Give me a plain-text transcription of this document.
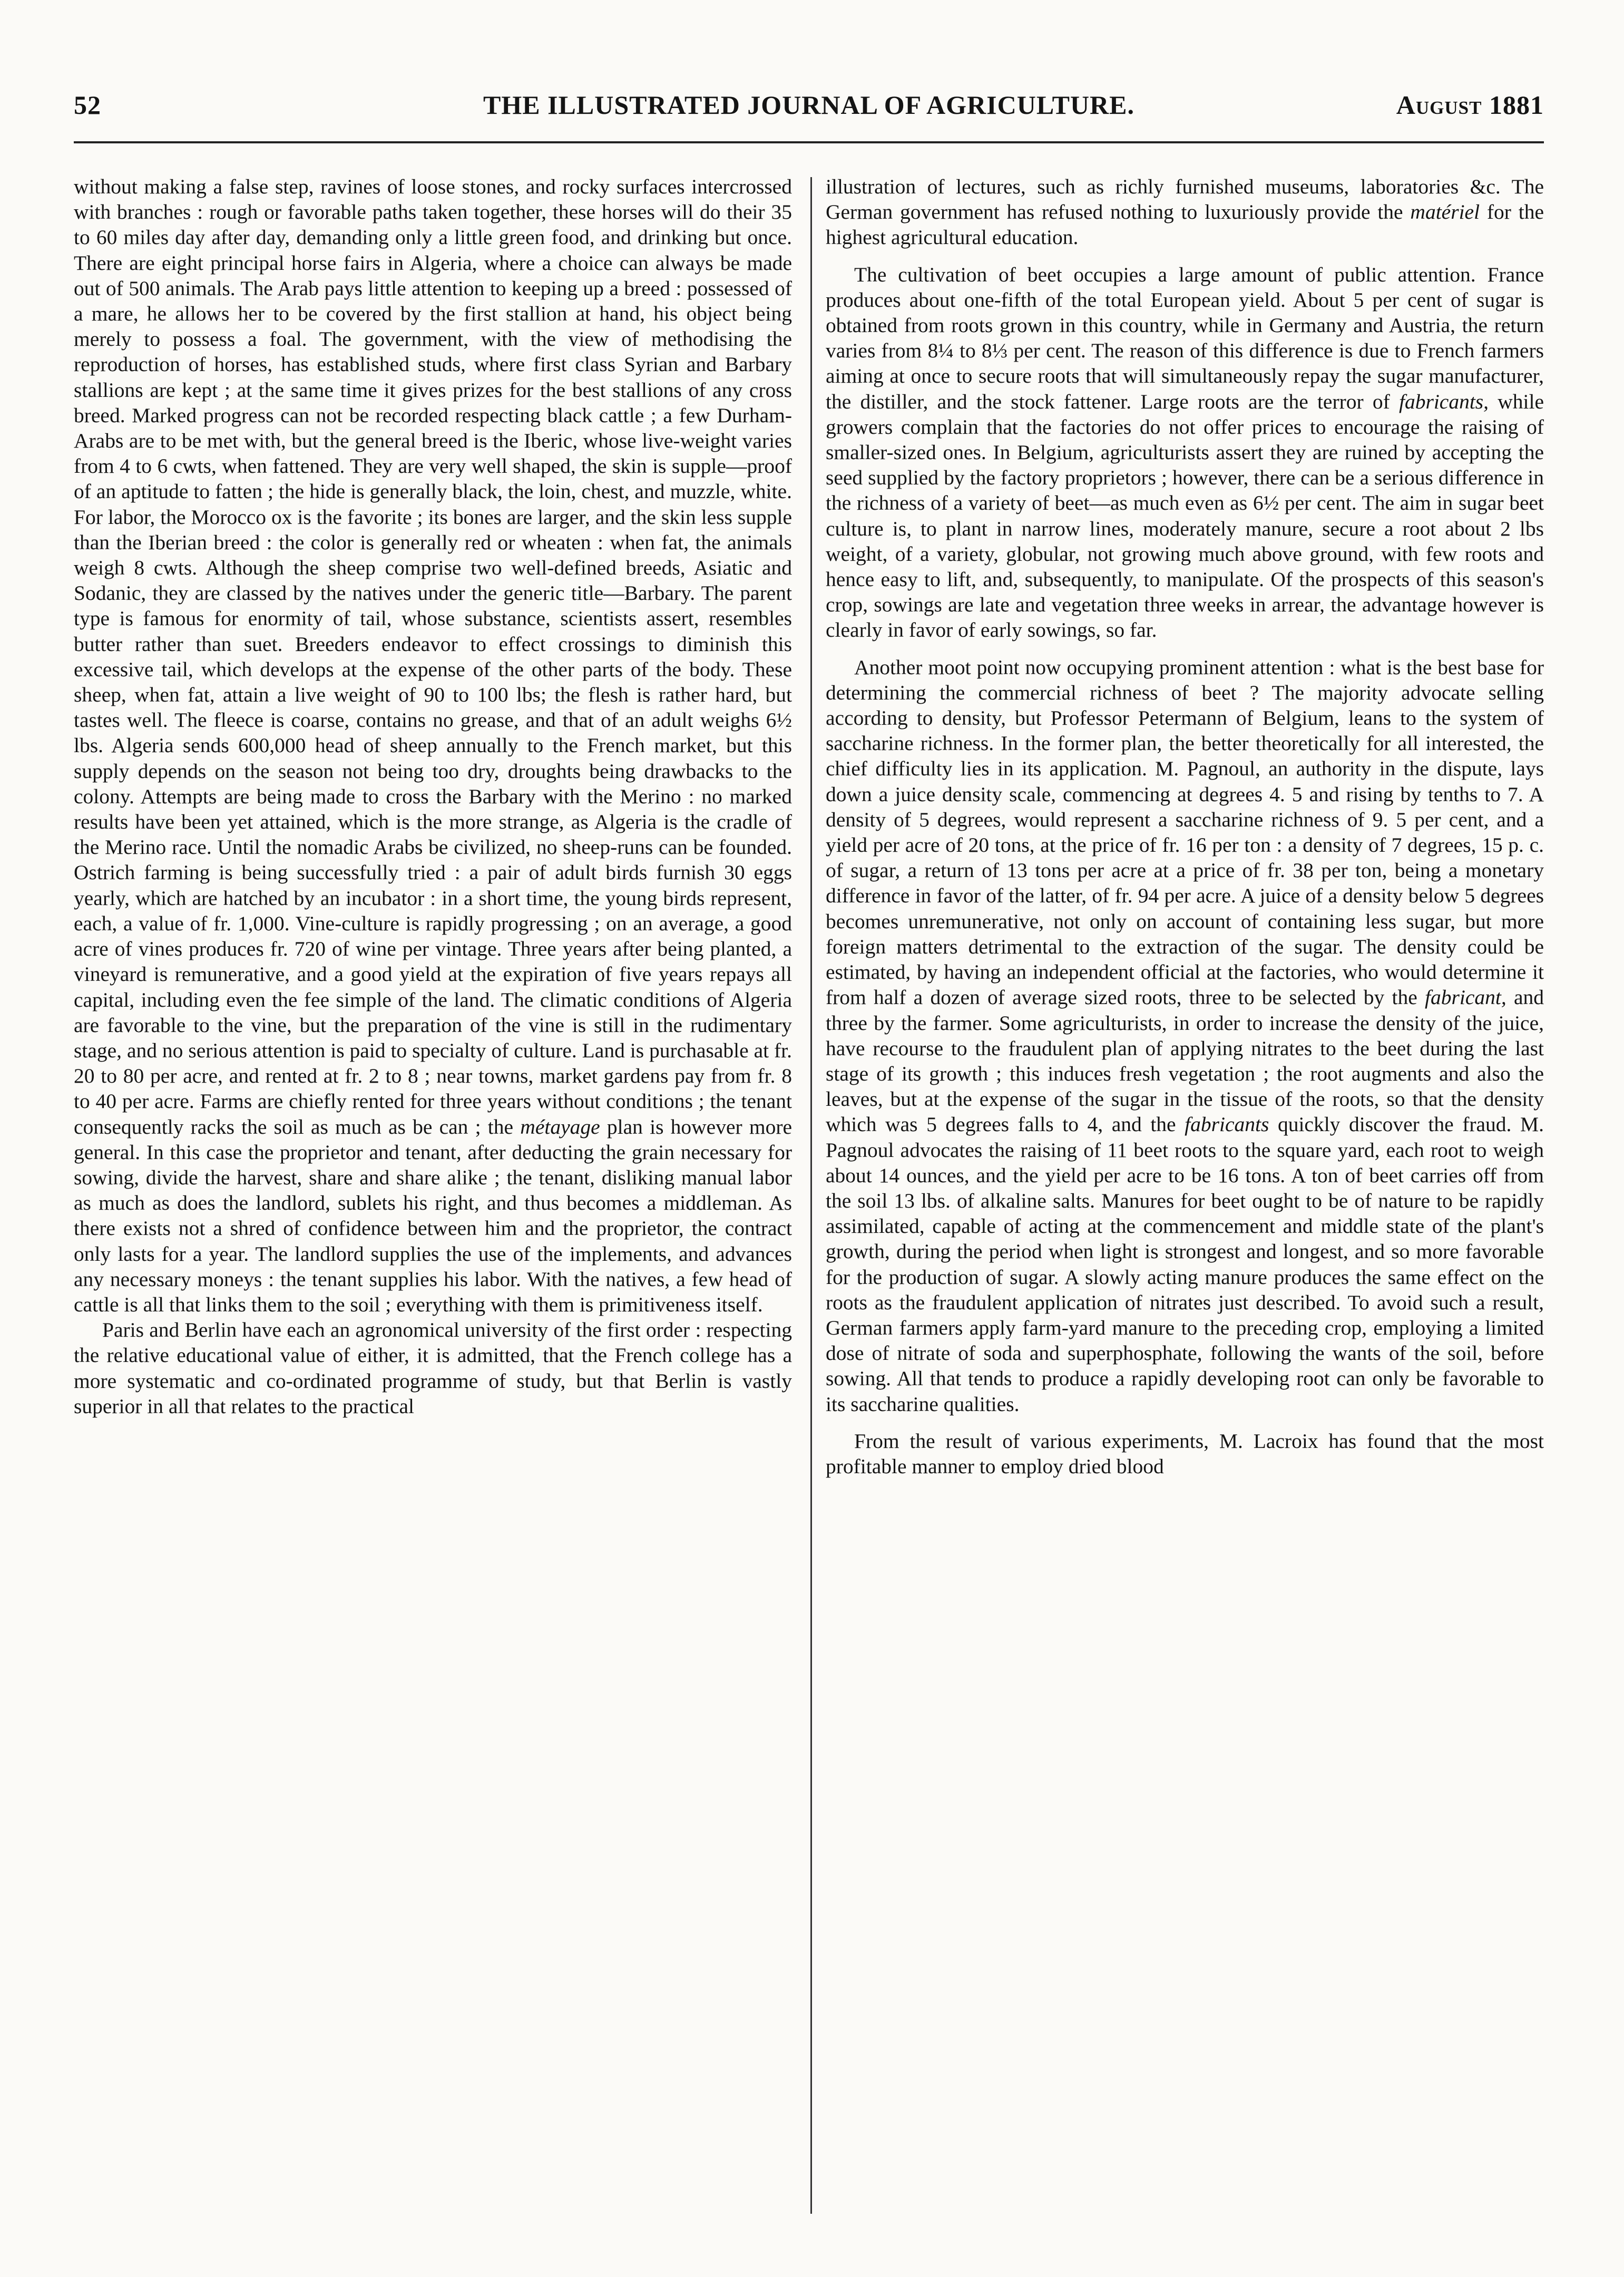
52	THE ILLUSTRATED JOURNAL OF AGRICULTURE.	August 1881

without making a false step, ravines of loose stones, and rocky surfaces intercrossed with branches : rough or favorable paths taken together, these horses will do their 35 to 60 miles day after day, demanding only a little green food, and drinking but once. There are eight principal horse fairs in Algeria, where a choice can always be made out of 500 animals. The Arab pays little attention to keeping up a breed : possessed of a mare, he allows her to be covered by the first stallion at hand, his object being merely to possess a foal. The government, with the view of methodising the reproduction of horses, has established studs, where first class Syrian and Barbary stallions are kept ; at the same time it gives prizes for the best stallions of any cross breed. Marked progress can not be recorded respecting black cattle ; a few Durham-Arabs are to be met with, but the general breed is the Iberic, whose live-weight varies from 4 to 6 cwts, when fattened. They are very well shaped, the skin is supple—proof of an aptitude to fatten ; the hide is generally black, the loin, chest, and muzzle, white. For labor, the Morocco ox is the favorite ; its bones are larger, and the skin less supple than the Iberian breed : the color is generally red or wheaten : when fat, the animals weigh 8 cwts. Although the sheep comprise two well-defined breeds, Asiatic and Sodanic, they are classed by the natives under the generic title—Barbary. The parent type is famous for enormity of tail, whose substance, scientists assert, resembles butter rather than suet. Breeders endeavor to effect crossings to diminish this excessive tail, which develops at the expense of the other parts of the body. These sheep, when fat, attain a live weight of 90 to 100 lbs; the flesh is rather hard, but tastes well. The fleece is coarse, contains no grease, and that of an adult weighs 6½ lbs. Algeria sends 600,000 head of sheep annually to the French market, but this supply depends on the season not being too dry, droughts being drawbacks to the colony. Attempts are being made to cross the Barbary with the Merino : no marked results have been yet attained, which is the more strange, as Algeria is the cradle of the Merino race. Until the nomadic Arabs be civilized, no sheep-runs can be founded. Ostrich farming is being successfully tried : a pair of adult birds furnish 30 eggs yearly, which are hatched by an incubator : in a short time, the young birds represent, each, a value of fr. 1,000. Vine-culture is rapidly progressing ; on an average, a good acre of vines produces fr. 720 of wine per vintage. Three years after being planted, a vineyard is remunerative, and a good yield at the expiration of five years repays all capital, including even the fee simple of the land. The climatic conditions of Algeria are favorable to the vine, but the preparation of the vine is still in the rudimentary stage, and no serious attention is paid to specialty of culture. Land is purchasable at fr. 20 to 80 per acre, and rented at fr. 2 to 8 ; near towns, market gardens pay from fr. 8 to 40 per acre. Farms are chiefly rented for three years without conditions ; the tenant consequently racks the soil as much as be can ; the métayage plan is however more general. In this case the proprietor and tenant, after deducting the grain necessary for sowing, divide the harvest, share and share alike ; the tenant, disliking manual labor as much as does the landlord, sublets his right, and thus becomes a middleman. As there exists not a shred of confidence between him and the proprietor, the contract only lasts for a year. The landlord supplies the use of the implements, and advances any necessary moneys : the tenant supplies his labor. With the natives, a few head of cattle is all that links them to the soil ; everything with them is primitiveness itself.

Paris and Berlin have each an agronomical university of the first order : respecting the relative educational value of either, it is admitted, that the French college has a more systematic and co-ordinated programme of study, but that Berlin is vastly superior in all that relates to the practical

illustration of lectures, such as richly furnished museums, laboratories &c. The German government has refused nothing to luxuriously provide the matériel for the highest agricultural education.

The cultivation of beet occupies a large amount of public attention. France produces about one-fifth of the total European yield. About 5 per cent of sugar is obtained from roots grown in this country, while in Germany and Austria, the return varies from 8¼ to 8⅓ per cent. The reason of this difference is due to French farmers aiming at once to secure roots that will simultaneously repay the sugar manufacturer, the distiller, and the stock fattener. Large roots are the terror of fabricants, while growers complain that the factories do not offer prices to encourage the raising of smaller-sized ones. In Belgium, agriculturists assert they are ruined by accepting the seed supplied by the factory proprietors ; however, there can be a serious difference in the richness of a variety of beet—as much even as 6½ per cent. The aim in sugar beet culture is, to plant in narrow lines, moderately manure, secure a root about 2 lbs weight, of a variety, globular, not growing much above ground, with few roots and hence easy to lift, and, subsequently, to manipulate. Of the prospects of this season's crop, sowings are late and vegetation three weeks in arrear, the advantage however is clearly in favor of early sowings, so far.

Another moot point now occupying prominent attention : what is the best base for determining the commercial richness of beet ? The majority advocate selling according to density, but Professor Petermann of Belgium, leans to the system of saccharine richness. In the former plan, the better theoretically for all interested, the chief difficulty lies in its application. M. Pagnoul, an authority in the dispute, lays down a juice density scale, commencing at degrees 4. 5 and rising by tenths to 7. A density of 5 degrees, would represent a saccharine richness of 9. 5 per cent, and a yield per acre of 20 tons, at the price of fr. 16 per ton : a density of 7 degrees, 15 p. c. of sugar, a return of 13 tons per acre at a price of fr. 38 per ton, being a monetary difference in favor of the latter, of fr. 94 per acre. A juice of a density below 5 degrees becomes unremunerative, not only on account of containing less sugar, but more foreign matters detrimental to the extraction of the sugar. The density could be estimated, by having an independent official at the factories, who would determine it from half a dozen of average sized roots, three to be selected by the fabricant, and three by the farmer. Some agriculturists, in order to increase the density of the juice, have recourse to the fraudulent plan of applying nitrates to the beet during the last stage of its growth ; this induces fresh vegetation ; the root augments and also the leaves, but at the expense of the sugar in the tissue of the roots, so that the density which was 5 degrees falls to 4, and the fabricants quickly discover the fraud. M. Pagnoul advocates the raising of 11 beet roots to the square yard, each root to weigh about 14 ounces, and the yield per acre to be 16 tons. A ton of beet carries off from the soil 13 lbs. of alkaline salts. Manures for beet ought to be of nature to be rapidly assimilated, capable of acting at the commencement and middle state of the plant's growth, during the period when light is strongest and longest, and so more favorable for the production of sugar. A slowly acting manure produces the same effect on the roots as the fraudulent application of nitrates just described. To avoid such a result, German farmers apply farm-yard manure to the preceding crop, employing a limited dose of nitrate of soda and superphosphate, following the wants of the soil, before sowing. All that tends to produce a rapidly developing root can only be favorable to its saccharine qualities.

From the result of various experiments, M. Lacroix has found that the most profitable manner to employ dried blood
